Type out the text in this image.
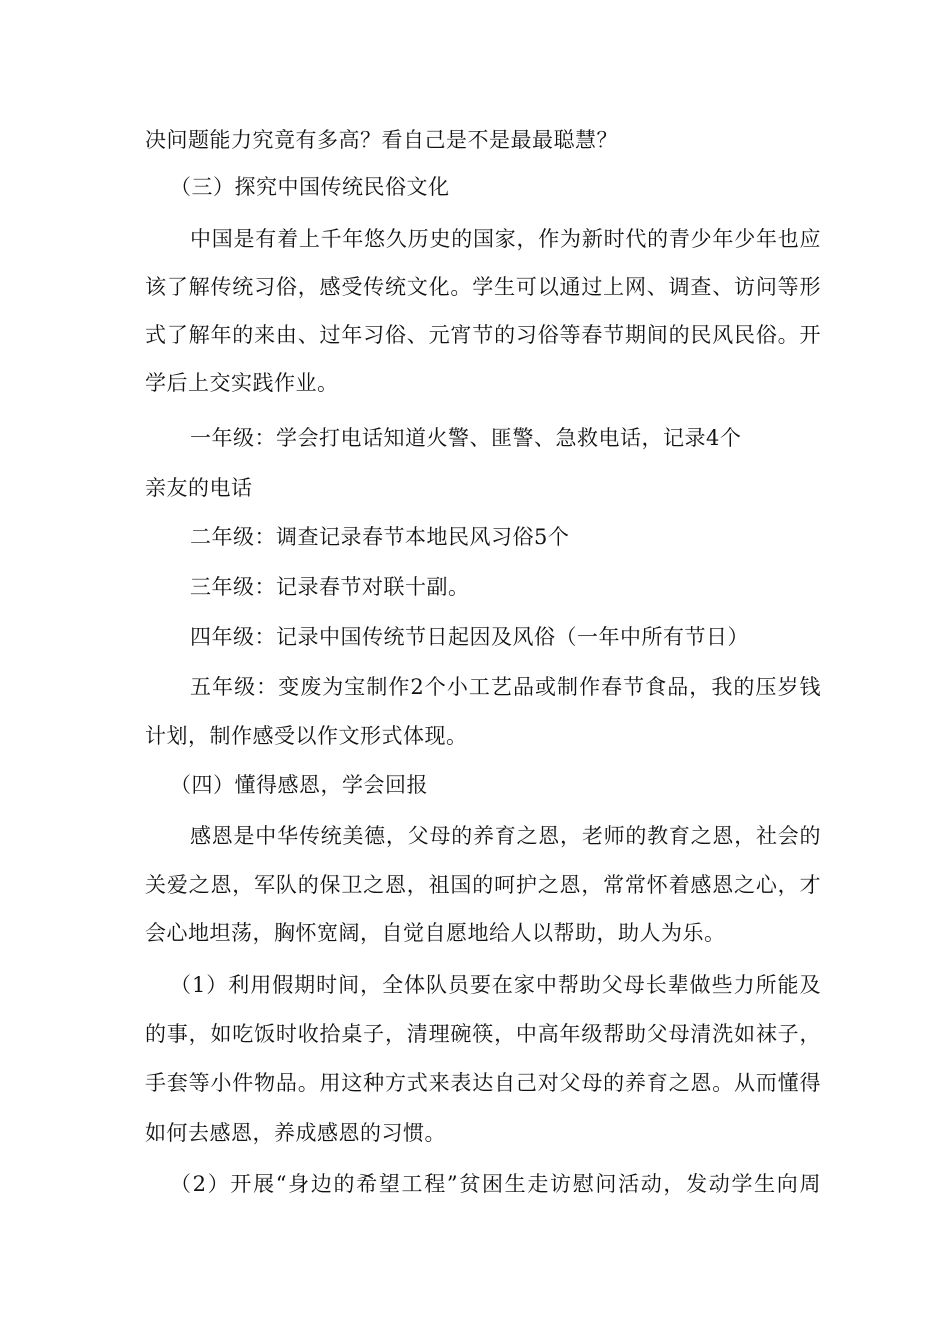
决问题能力究竟有多高？看自己是不是最最聪慧？
（三）探究中国传统民俗文化
中国是有着上千年悠久历史的国家，作为新时代的青少年少年也应
该了解传统习俗，感受传统文化。学生可以通过上网、调查、访问等形
式了解年的来由、过年习俗、元宵节的习俗等春节期间的民风民俗。开
学后上交实践作业。
一年级：学会打电话知道火警、匪警、急救电话，记录4个
亲友的电话
二年级：调查记录春节本地民风习俗5个
三年级：记录春节对联十副。
四年级：记录中国传统节日起因及风俗（一年中所有节日）
五年级：变废为宝制作2个小工艺品或制作春节食品，我的压岁钱
计划，制作感受以作文形式体现。
（四）懂得感恩，学会回报
感恩是中华传统美德，父母的养育之恩，老师的教育之恩，社会的
关爱之恩，军队的保卫之恩，祖国的呵护之恩，常常怀着感恩之心，才
会心地坦荡，胸怀宽阔，自觉自愿地给人以帮助，助人为乐。
（1）利用假期时间，全体队员要在家中帮助父母长辈做些力所能及
的事，如吃饭时收拾桌子，清理碗筷，中高年级帮助父母清洗如袜子，
手套等小件物品。用这种方式来表达自己对父母的养育之恩。从而懂得
如何去感恩，养成感恩的习惯。
（2）开展“身边的希望工程”贫困生走访慰问活动，发动学生向周
